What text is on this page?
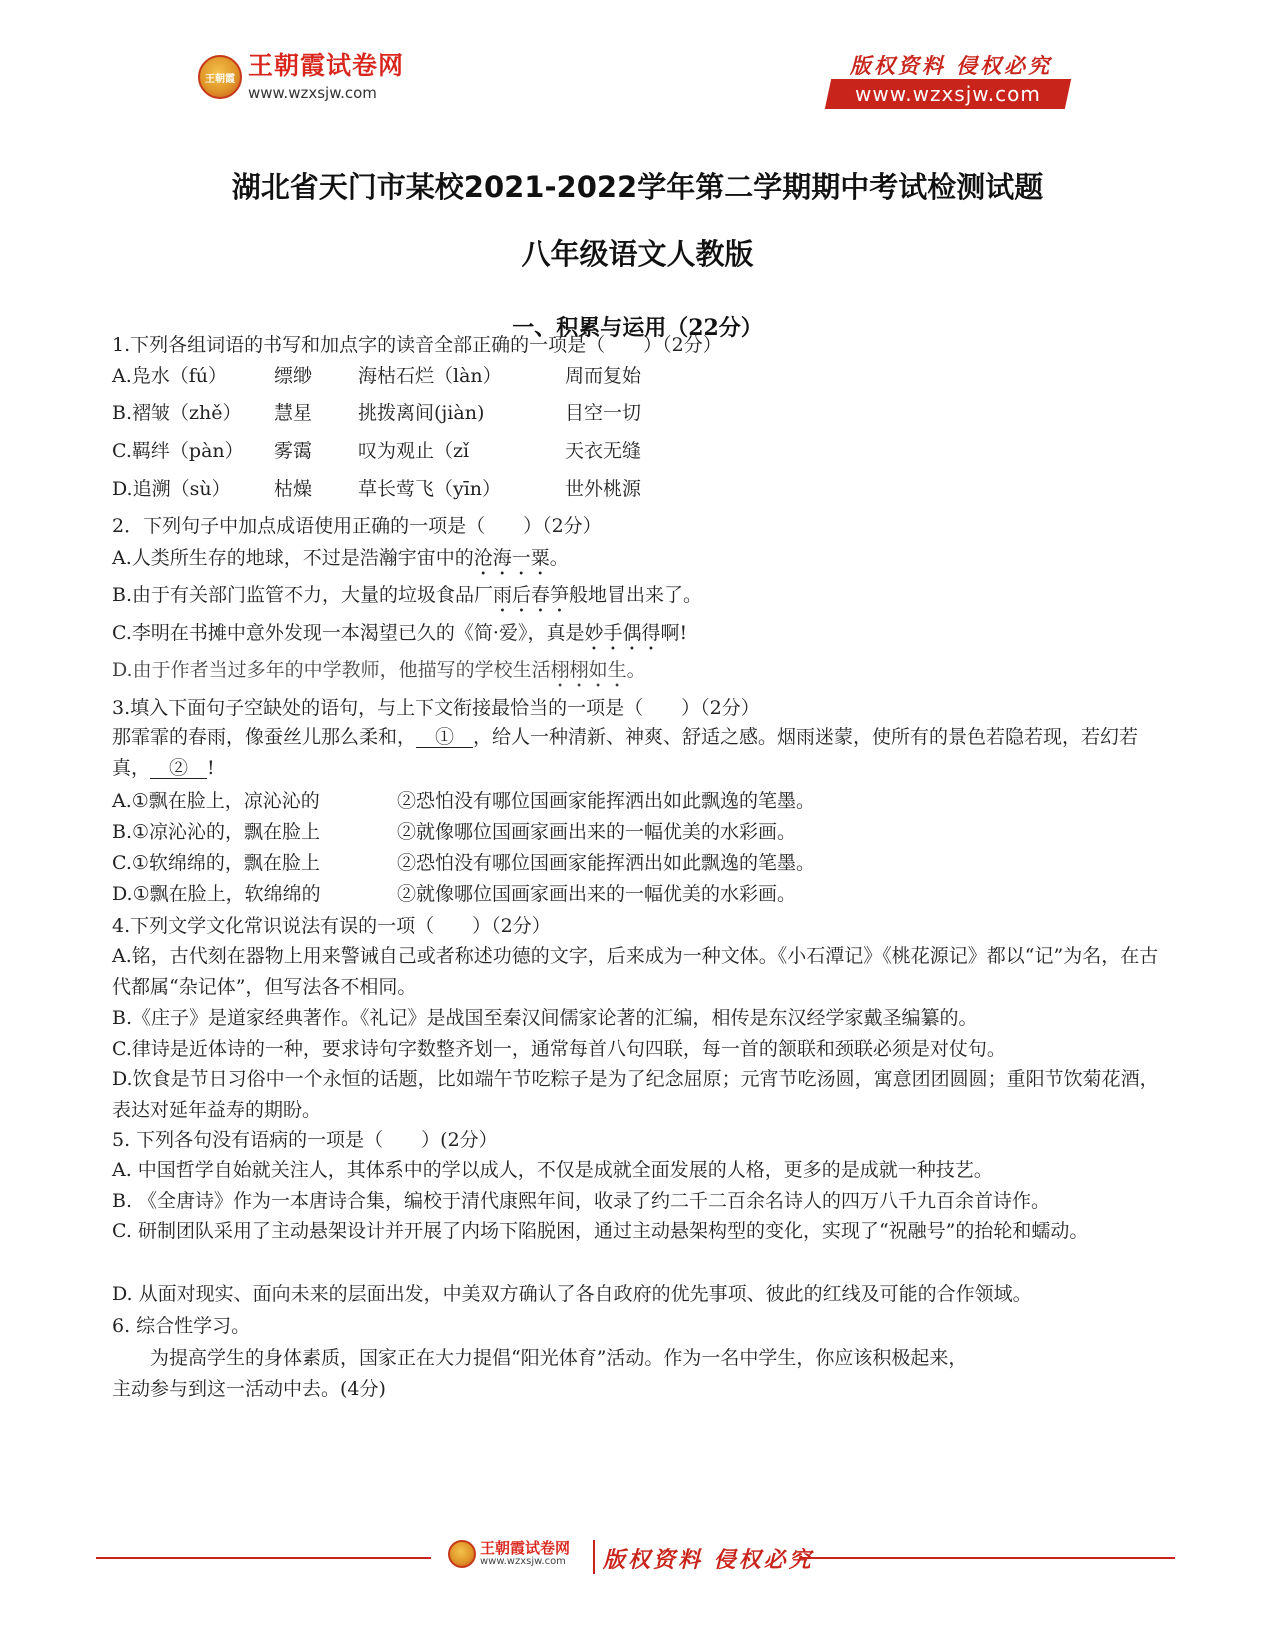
王朝霞 王朝霞试卷网
www.wzxsjw.com
版权资料 侵权必究
www.wzxsjw.com
湖北省天门市某校2021-2022学年第二学期期中考试检测试题
八年级语文人教版
一、积累与运用（22分）
1.下列各组词语的书写和加点字的读音全部正确的一项是（　　）（2分）
A.凫水（fú） 缥缈 海枯石烂（làn）	周而复始
B.褶皱（zhě） 慧星 挑拨离间(jiàn)	目空一切
C.羁绊（pàn） 雾霭 叹为观止（zǐ	天衣无缝
D.追溯（sù） 枯燥 草长莺飞（yīn）	世外桃源
2．下列句子中加点成语使用正确的一项是（　　）（2分）
A.人类所生存的地球，不过是浩瀚宇宙中的沧海一粟。
B.由于有关部门监管不力，大量的垃圾食品厂雨后春笋般地冒出来了。
C.李明在书摊中意外发现一本渴望已久的《简·爱》，真是妙手偶得啊!
D.由于作者当过多年的中学教师，他描写的学校生活栩栩如生。
3.填入下面句子空缺处的语句，与上下文衔接最恰当的一项是（　　）（2分）
那霏霏的春雨，像蚕丝儿那么柔和，　①　，给人一种清新、神爽、舒适之感。烟雨迷蒙，使所有的景色若隐若现，若幻若真，　②　!
A.①飘在脸上，凉沁沁的	②恐怕没有哪位国画家能挥洒出如此飘逸的笔墨。
B.①凉沁沁的，飘在脸上	②就像哪位国画家画出来的一幅优美的水彩画。
C.①软绵绵的，飘在脸上	②恐怕没有哪位国画家能挥洒出如此飘逸的笔墨。
D.①飘在脸上，软绵绵的	②就像哪位国画家画出来的一幅优美的水彩画。
4.下列文学文化常识说法有误的一项（　　）（2分）
A.铭，古代刻在器物上用来警诫自己或者称述功德的文字，后来成为一种文体。《小石潭记》《桃花源记》都以“记”为名，在古代都属“杂记体”，但写法各不相同。
B.《庄子》是道家经典著作。《礼记》是战国至秦汉间儒家论著的汇编，相传是东汉经学家戴圣编纂的。
C.律诗是近体诗的一种，要求诗句字数整齐划一，通常每首八句四联，每一首的颔联和颈联必须是对仗句。
D.饮食是节日习俗中一个永恒的话题，比如端午节吃粽子是为了纪念屈原；元宵节吃汤圆，寓意团团圆圆；重阳节饮菊花酒，表达对延年益寿的期盼。
5. 下列各句没有语病的一项是（　　）(2分）
A. 中国哲学自始就关注人，其体系中的学以成人，不仅是成就全面发展的人格，更多的是成就一种技艺。
B. 《全唐诗》作为一本唐诗合集，编校于清代康熙年间，收录了约二千二百余名诗人的四万八千九百余首诗作。
C. 研制团队采用了主动悬架设计并开展了内场下陷脱困，通过主动悬架构型的变化，实现了“祝融号”的抬轮和蠕动。
D. 从面对现实、面向未来的层面出发，中美双方确认了各自政府的优先事项、彼此的红线及可能的合作领域。
6. 综合性学习。
为提高学生的身体素质，国家正在大力提倡“阳光体育”活动。作为一名中学生，你应该积极起来，
主动参与到这一活动中去。(4分)
王朝霞试卷网
www.wzxsjw.com 版权资料 侵权必究
